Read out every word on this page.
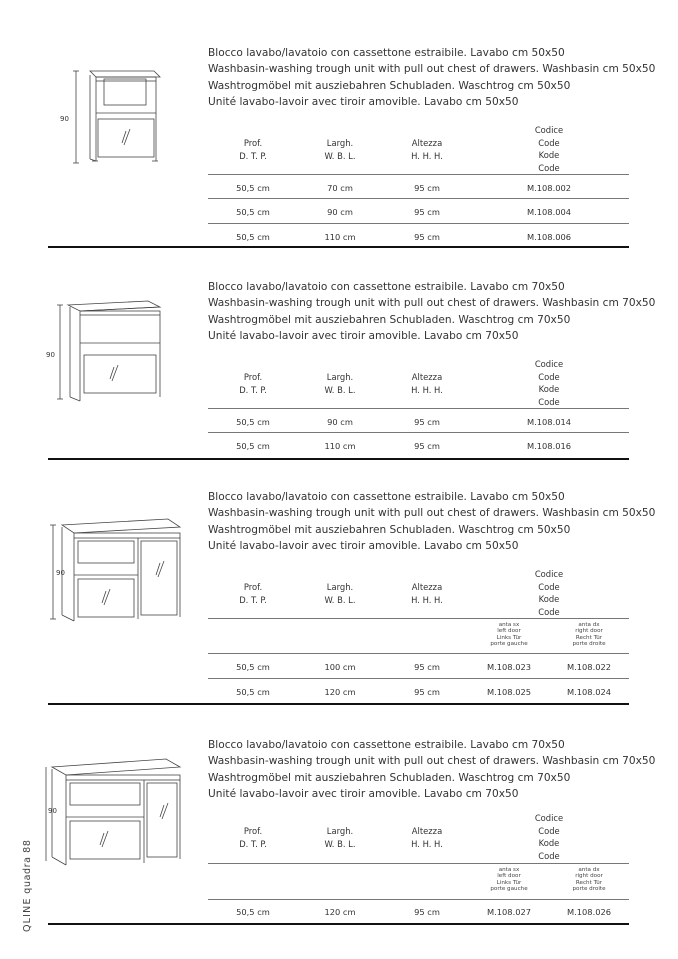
90
Blocco lavabo/lavatoio con cassettone estraibile. Lavabo cm 50x50
Washbasin-washing trough unit with pull out chest of drawers. Washbasin cm 50x50
Washtrogmöbel mit ausziebahren Schubladen. Waschtrog cm 50x50
Unité lavabo-lavoir avec tiroir amovible. Lavabo cm 50x50
Prof.
D. T. P.
Largh.
W. B. L.
Altezza
H. H. H.
Codice
Code
Kode
Code
50,5 cm	70 cm	95 cm	M.108.002
50,5 cm	90 cm	95 cm	M.108.004
50,5 cm	110 cm	95 cm	M.108.006
90
Blocco lavabo/lavatoio con cassettone estraibile. Lavabo cm 70x50
Washbasin-washing trough unit with pull out chest of drawers. Washbasin cm 70x50
Washtrogmöbel mit ausziebahren Schubladen. Waschtrog cm 70x50
Unité lavabo-lavoir avec tiroir amovible. Lavabo cm 70x50
Prof.
D. T. P.
Largh.
W. B. L.
Altezza
H. H. H.
Codice
Code
Kode
Code
50,5 cm	90 cm	95 cm	M.108.014
50,5 cm	110 cm	95 cm	M.108.016
90
Blocco lavabo/lavatoio con cassettone estraibile. Lavabo cm 50x50
Washbasin-washing trough unit with pull out chest of drawers. Washbasin cm 50x50
Washtrogmöbel mit ausziebahren Schubladen. Waschtrog cm 50x50
Unité lavabo-lavoir avec tiroir amovible. Lavabo cm 50x50
Prof.
D. T. P.
Largh.
W. B. L.
Altezza
H. H. H.
Codice
Code
Kode
Code
anta sx
left door
Links Tür
porte gauche
anta dx
right door
Recht Tür
porte droite
50,5 cm	100 cm	95 cm	M.108.023	M.108.022
50,5 cm	120 cm	95 cm	M.108.025	M.108.024
90
Blocco lavabo/lavatoio con cassettone estraibile. Lavabo cm 70x50
Washbasin-washing trough unit with pull out chest of drawers. Washbasin cm 70x50
Washtrogmöbel mit ausziebahren Schubladen. Waschtrog cm 70x50
Unité lavabo-lavoir avec tiroir amovible. Lavabo cm 70x50
Prof.
D. T. P.
Largh.
W. B. L.
Altezza
H. H. H.
Codice
Code
Kode
Code
anta sx
left door
Links Tür
porte gauche
anta dx
right door
Recht Tür
porte droite
50,5 cm	120 cm	95 cm	M.108.027	M.108.026
QLINE quadra 88
